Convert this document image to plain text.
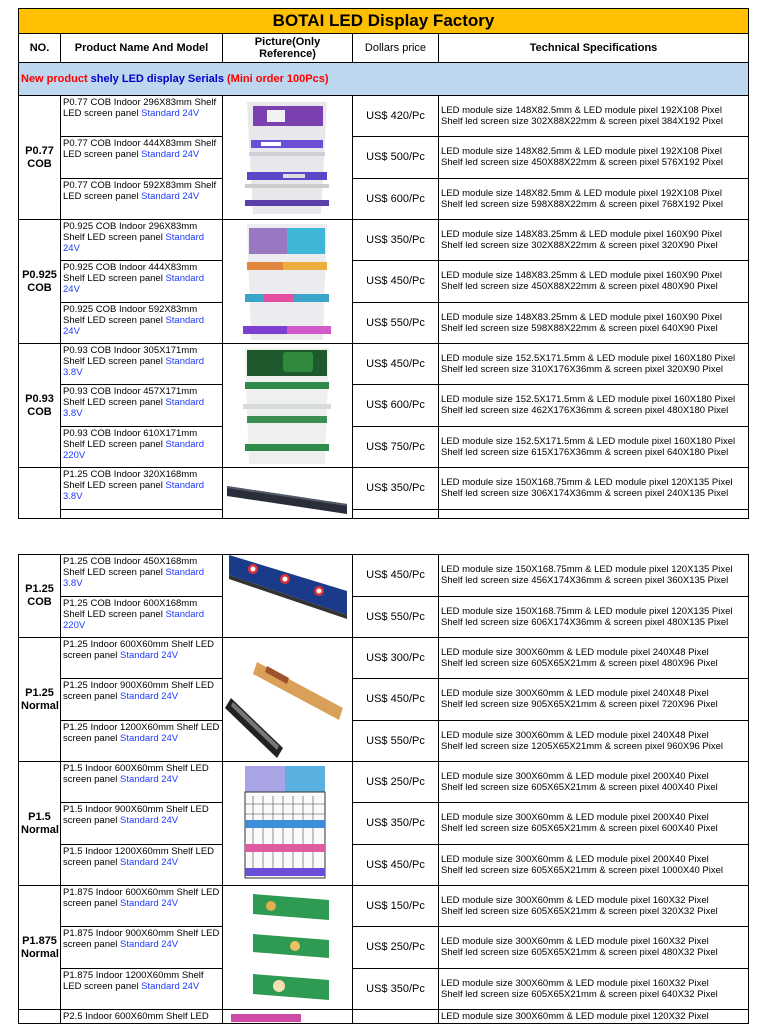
BOTAI LED Display Factory				
NO.	Product Name And Model	Picture(Only Reference)	Dollars price	Technical Specifications
New product shely LED display Serials (Mini order 100Pcs)				
P0.77
COB	P0.77 COB Indoor 296X83mm Shelf LED screen panel Standard 24V		US$ 420/Pc	LED module size 148X82.5mm & LED module pixel 192X108 Pixel
Shelf led screen size 302X88X22mm & screen pixel 384X192 Pixel
	P0.77 COB Indoor 444X83mm Shelf LED screen panel Standard 24V		US$ 500/Pc	LED module size 148X82.5mm & LED module pixel 192X108 Pixel
Shelf led screen size 450X88X22mm & screen pixel 576X192 Pixel
	P0.77 COB Indoor 592X83mm Shelf LED screen panel Standard 24V		US$ 600/Pc	LED module size 148X82.5mm & LED module pixel 192X108 Pixel
Shelf led screen size 598X88X22mm & screen pixel 768X192 Pixel
P0.925
COB	P0.925 COB Indoor 296X83mm Shelf LED screen panel Standard 24V		US$ 350/Pc	LED module size 148X83.25mm & LED module pixel 160X90 Pixel
Shelf led screen size 302X88X22mm & screen pixel 320X90 Pixel
	P0.925 COB Indoor 444X83mm Shelf LED screen panel Standard 24V		US$ 450/Pc	LED module size 148X83.25mm & LED module pixel 160X90 Pixel
Shelf led screen size 450X88X22mm & screen pixel 480X90 Pixel
	P0.925 COB Indoor 592X83mm Shelf LED screen panel Standard 24V		US$ 550/Pc	LED module size 148X83.25mm & LED module pixel 160X90 Pixel
Shelf led screen size 598X88X22mm & screen pixel 640X90 Pixel
P0.93
COB	P0.93 COB Indoor 305X171mm Shelf LED screen panel Standard 3.8V		US$ 450/Pc	LED module size 152.5X171.5mm & LED module pixel 160X180 Pixel
Shelf led screen size 310X176X36mm & screen pixel 320X90 Pixel
	P0.93 COB Indoor 457X171mm Shelf LED screen panel Standard 3.8V		US$ 600/Pc	LED module size 152.5X171.5mm & LED module pixel 160X180 Pixel
Shelf led screen size 462X176X36mm & screen pixel 480X180 Pixel
	P0.93 COB Indoor 610X171mm Shelf LED screen panel Standard 220V		US$ 750/Pc	LED module size 152.5X171.5mm & LED module pixel 160X180 Pixel
Shelf led screen size 615X176X36mm & screen pixel 640X180 Pixel
	P1.25 COB Indoor 320X168mm Shelf LED screen panel Standard 3.8V		US$ 350/Pc	LED module size 150X168.75mm & LED module pixel 120X135 Pixel
Shelf led screen size 306X174X36mm & screen pixel 240X135 Pixel

P1.25
COB	P1.25 COB Indoor 450X168mm Shelf LED screen panel Standard 3.8V		US$ 450/Pc	LED module size 150X168.75mm & LED module pixel 120X135 Pixel
Shelf led screen size 456X174X36mm & screen pixel 360X135 Pixel
	P1.25 COB Indoor 600X168mm Shelf LED screen panel Standard 220V		US$ 550/Pc	LED module size 150X168.75mm & LED module pixel 120X135 Pixel
Shelf led screen size 606X174X36mm & screen pixel 480X135 Pixel
P1.25
Normal	P1.25 Indoor 600X60mm Shelf LED screen panel Standard 24V		US$ 300/Pc	LED module size 300X60mm & LED module pixel 240X48 Pixel
Shelf led screen size 605X65X21mm & screen pixel 480X96 Pixel
	P1.25 Indoor 900X60mm Shelf LED screen panel Standard 24V		US$ 450/Pc	LED module size 300X60mm & LED module pixel 240X48 Pixel
Shelf led screen size 905X65X21mm & screen pixel 720X96 Pixel
	P1.25 Indoor 1200X60mm Shelf LED screen panel Standard 24V		US$ 550/Pc	LED module size 300X60mm & LED module pixel 240X48 Pixel
Shelf led screen size 1205X65X21mm & screen pixel 960X96 Pixel
P1.5
Normal	P1.5 Indoor 600X60mm Shelf LED screen panel Standard 24V		US$ 250/Pc	LED module size 300X60mm & LED module pixel 200X40 Pixel
Shelf led screen size 605X65X21mm & screen pixel 400X40 Pixel
	P1.5 Indoor 900X60mm Shelf LED screen panel Standard 24V		US$ 350/Pc	LED module size 300X60mm & LED module pixel 200X40 Pixel
Shelf led screen size 605X65X21mm & screen pixel 600X40 Pixel
	P1.5 Indoor 1200X60mm Shelf LED screen panel Standard 24V		US$ 450/Pc	LED module size 300X60mm & LED module pixel 200X40 Pixel
Shelf led screen size 605X65X21mm & screen pixel 1000X40 Pixel
P1.875
Normal	P1.875 Indoor 600X60mm Shelf LED screen panel Standard 24V		US$ 150/Pc	LED module size 300X60mm & LED module pixel 160X32 Pixel
Shelf led screen size 605X65X21mm & screen pixel 320X32 Pixel
	P1.875 Indoor 900X60mm Shelf LED screen panel Standard 24V		US$ 250/Pc	LED module size 300X60mm & LED module pixel 160X32 Pixel
Shelf led screen size 605X65X21mm & screen pixel 480X32 Pixel
	P1.875 Indoor 1200X60mm Shelf LED screen panel Standard 24V		US$ 350/Pc	LED module size 300X60mm & LED module pixel 160X32 Pixel
Shelf led screen size 605X65X21mm & screen pixel 640X32 Pixel
	P2.5 Indoor 600X60mm Shelf LED			LED module size 300X60mm & LED module pixel 120X32 Pixel
